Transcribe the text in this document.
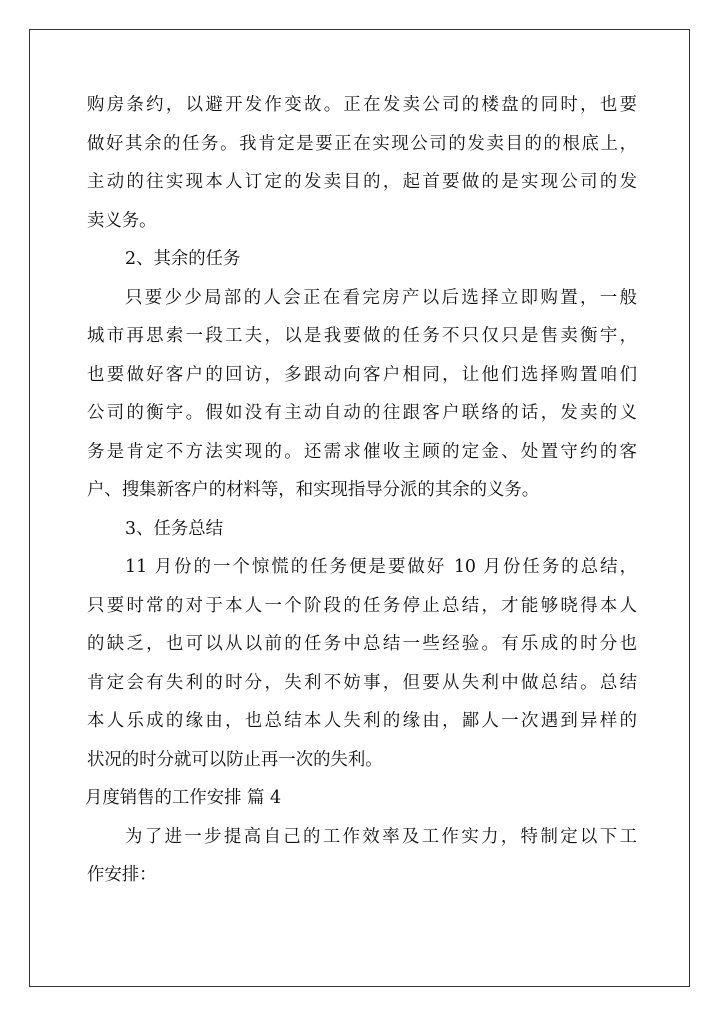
购房条约，以避开发作变故。正在发卖公司的楼盘的同时，也要
做好其余的任务。我肯定是要正在实现公司的发卖目的的根底上，
主动的往实现本人订定的发卖目的，起首要做的是实现公司的发
卖义务。
2、其余的任务
只要少少局部的人会正在看完房产以后选择立即购置，一般
城市再思索一段工夫，以是我要做的任务不只仅只是售卖衡宇，
也要做好客户的回访，多跟动向客户相同，让他们选择购置咱们
公司的衡宇。假如没有主动自动的往跟客户联络的话，发卖的义
务是肯定不方法实现的。还需求催收主顾的定金、处置守约的客
户、搜集新客户的材料等，和实现指导分派的其余的义务。
3、任务总结
11 月份的一个惊慌的任务便是要做好 10 月份任务的总结，
只要时常的对于本人一个阶段的任务停止总结，才能够晓得本人
的缺乏，也可以从以前的任务中总结一些经验。有乐成的时分也
肯定会有失利的时分，失利不妨事，但要从失利中做总结。总结
本人乐成的缘由，也总结本人失利的缘由，鄙人一次遇到异样的
状况的时分就可以防止再一次的失利。
月度销售的工作安排 篇 4
为了进一步提高自己的工作效率及工作实力，特制定以下工
作安排：
